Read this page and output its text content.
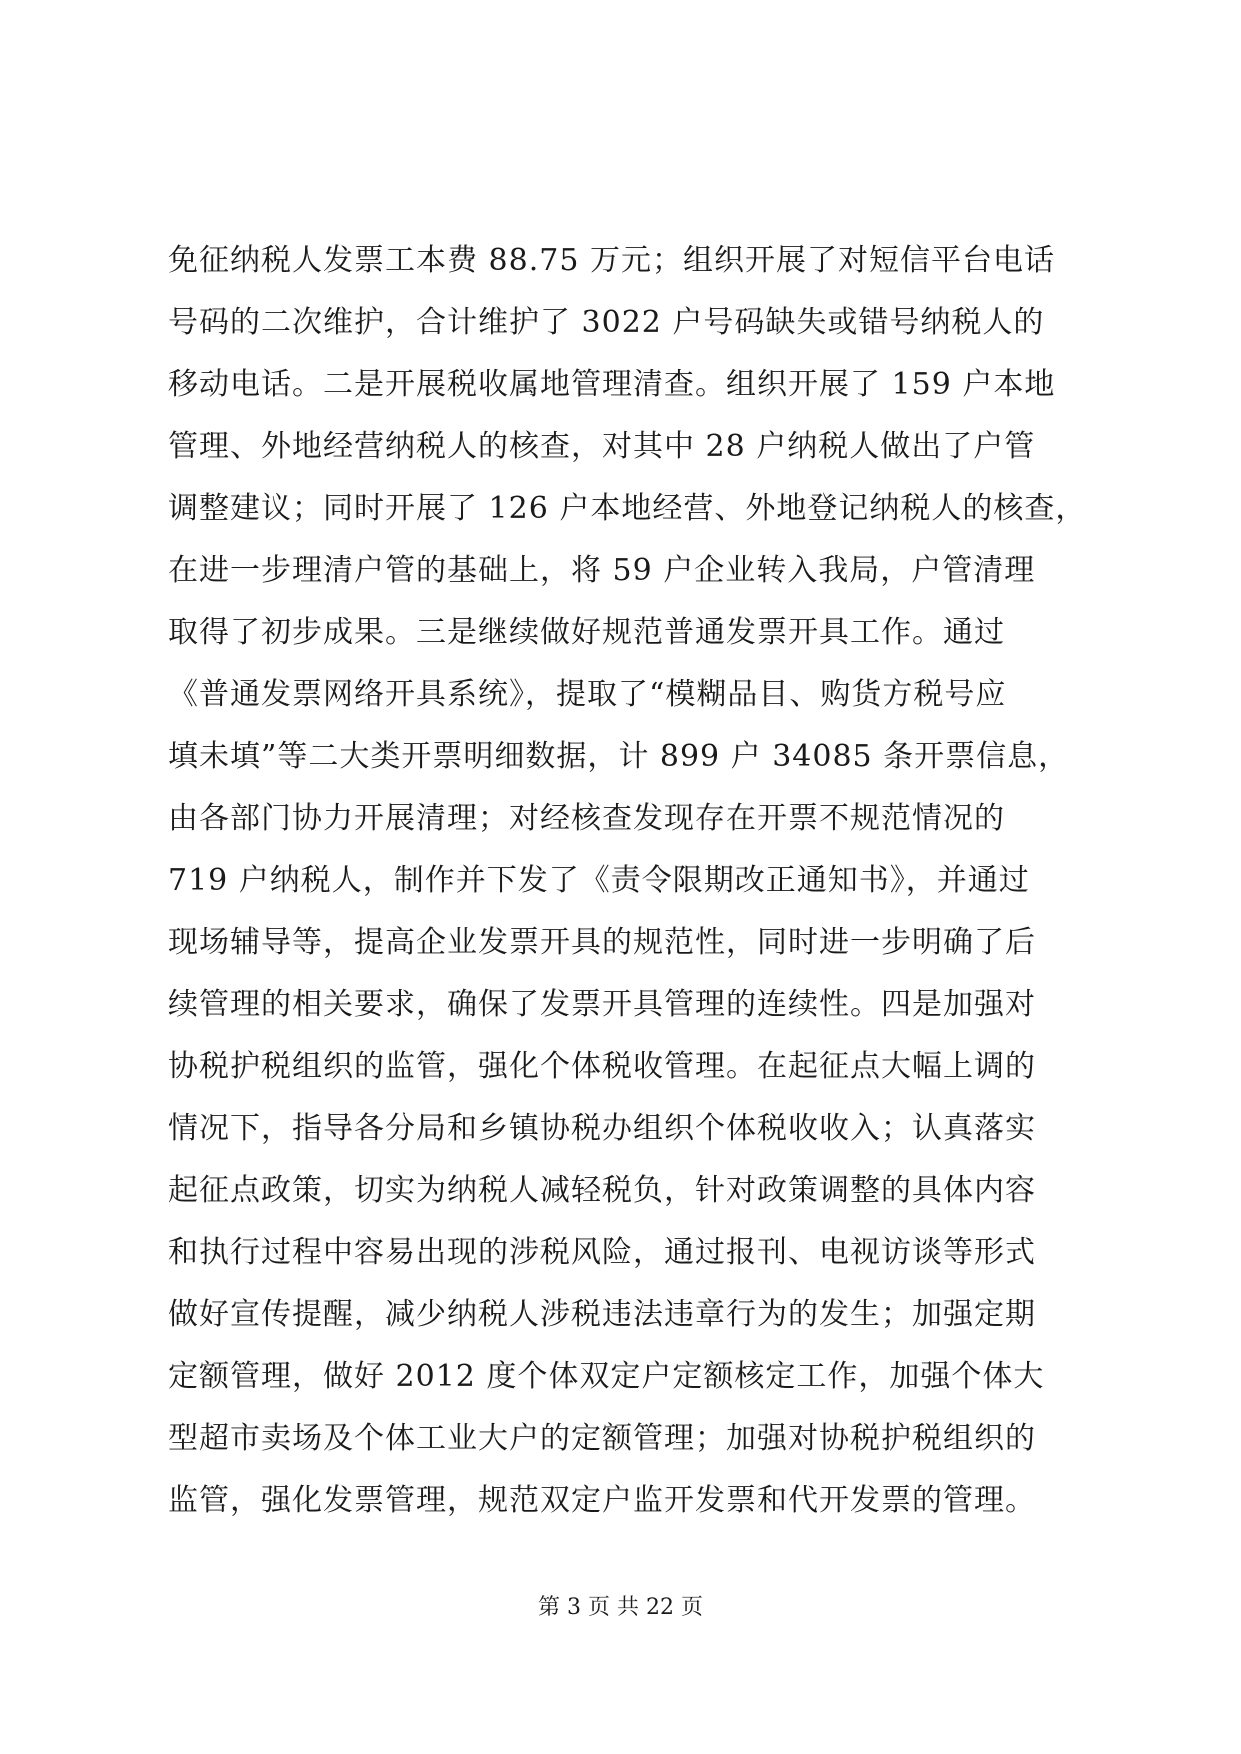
免征纳税人发票工本费 88.75 万元；组织开展了对短信平台电话
号码的二次维护，合计维护了 3022 户号码缺失或错号纳税人的
移动电话。二是开展税收属地管理清查。组织开展了 159 户本地
管理、外地经营纳税人的核查，对其中 28 户纳税人做出了户管
调整建议；同时开展了 126 户本地经营、外地登记纳税人的核查，
在进一步理清户管的基础上，将 59 户企业转入我局，户管清理
取得了初步成果。三是继续做好规范普通发票开具工作。通过
《普通发票网络开具系统》，提取了“模糊品目、购货方税号应
填未填”等二大类开票明细数据，计 899 户 34085 条开票信息，
由各部门协力开展清理；对经核查发现存在开票不规范情况的
719 户纳税人，制作并下发了《责令限期改正通知书》，并通过
现场辅导等，提高企业发票开具的规范性，同时进一步明确了后
续管理的相关要求，确保了发票开具管理的连续性。四是加强对
协税护税组织的监管，强化个体税收管理。在起征点大幅上调的
情况下，指导各分局和乡镇协税办组织个体税收收入；认真落实
起征点政策，切实为纳税人减轻税负，针对政策调整的具体内容
和执行过程中容易出现的涉税风险，通过报刊、电视访谈等形式
做好宣传提醒，减少纳税人涉税违法违章行为的发生；加强定期
定额管理，做好 2012 度个体双定户定额核定工作，加强个体大
型超市卖场及个体工业大户的定额管理；加强对协税护税组织的
监管，强化发票管理，规范双定户监开发票和代开发票的管理。
第 3 页 共 22 页
